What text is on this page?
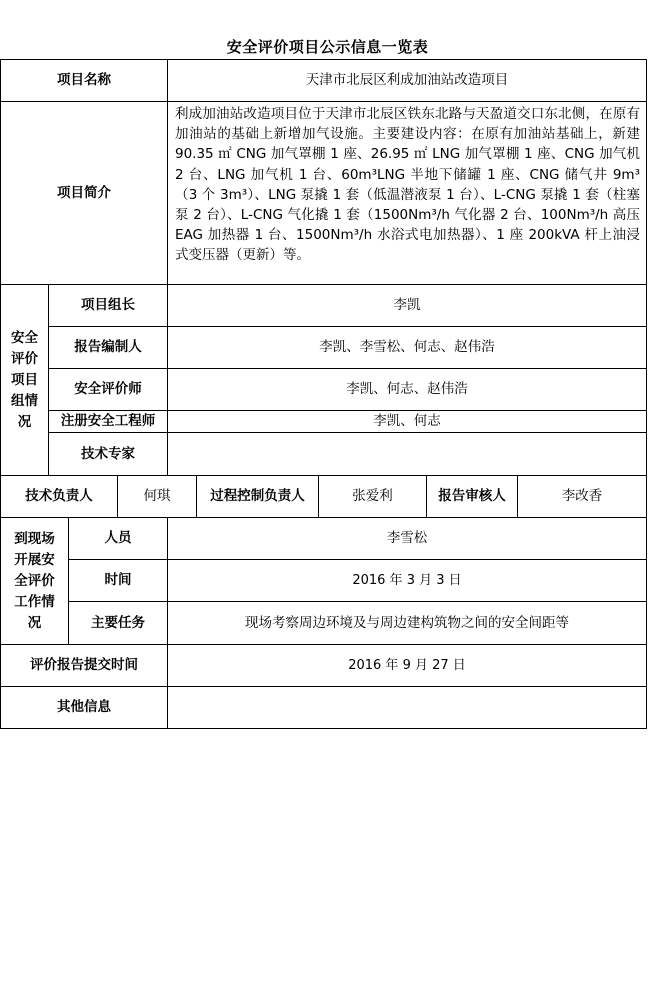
安全评价项目公示信息一览表
项目名称	天津市北辰区利成加油站改造项目
项目简介
利成加油站改造项目位于天津市北辰区铁东北路与天盈道交口东北侧，在原有加油站的基础上新增加气设施。主要建设内容：在原有加油站基础上，新建 90.35 ㎡ CNG 加气罩棚 1 座、26.95 ㎡ LNG 加气罩棚 1 座、CNG 加气机 2 台、LNG 加气机 1 台、60m³LNG 半地下储罐 1 座、CNG 储气井 9m³（3 个 3m³）、LNG 泵撬 1 套（低温潜液泵 1 台）、L-CNG 泵撬 1 套（柱塞泵 2 台）、L-CNG 气化撬 1 套（1500Nm³/h 气化器 2 台、100Nm³/h 高压 EAG 加热器 1 台、1500Nm³/h 水浴式电加热器）、1 座 200kVA 杆上油浸式变压器（更新）等。
安全
评价
项目
组情
况
项目组长	李凯
报告编制人	李凯、李雪松、何志、赵伟浩
安全评价师	李凯、何志、赵伟浩
注册安全工程师	李凯、何志
技术专家
技术负责人	何琪	过程控制负责人	张爱利	报告审核人	李改香
到现场
开展安
全评价
工作情
况
人员	李雪松
时间	2016 年 3 月 3 日
主要任务	现场考察周边环境及与周边建构筑物之间的安全间距等
评价报告提交时间	2016 年 9 月 27 日
其他信息
